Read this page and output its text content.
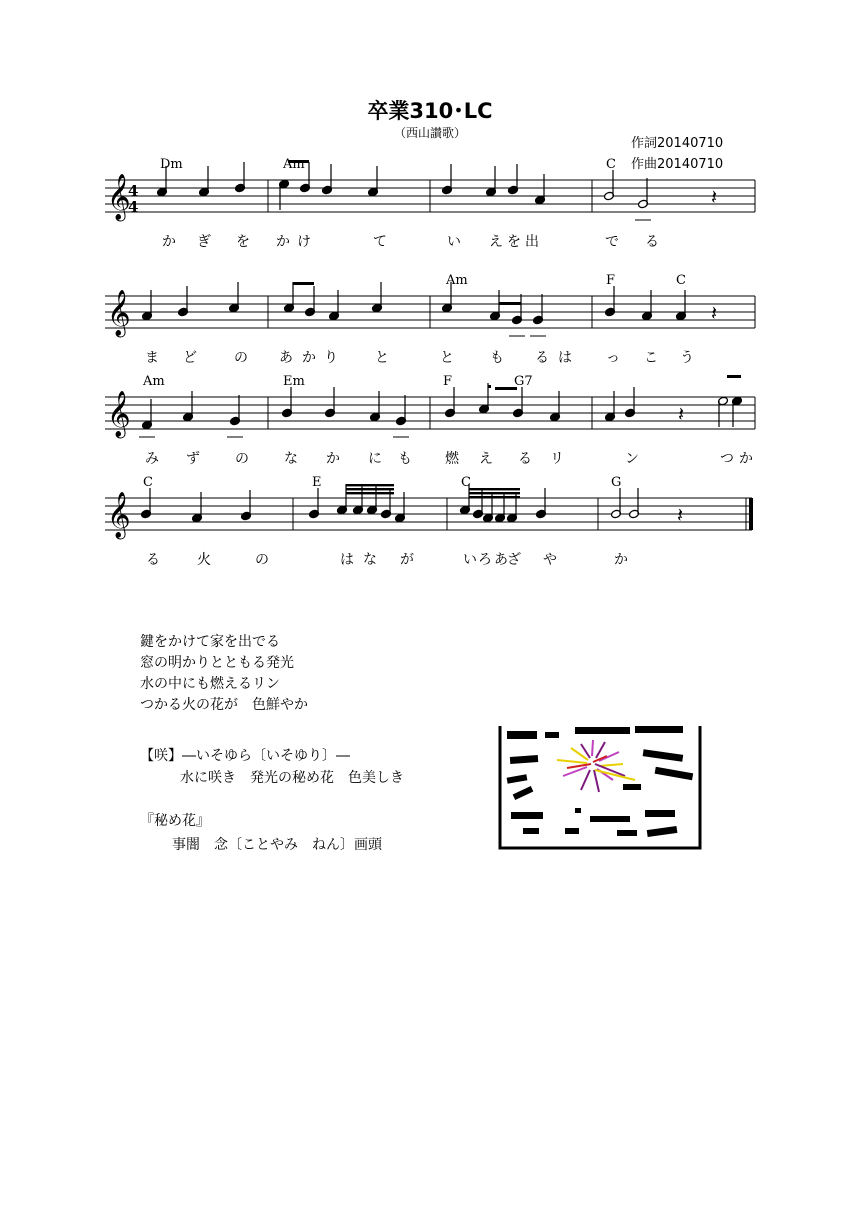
卒業310･LC
（西山讃歌）
作詞20140710
作曲20140710
𝄞
𝄞
𝄞
𝄞
4
4	𝄽
𝄽
𝄽
𝄽
Dm	Am	C
Am	F	C
Am	Em	F	G7
C	E	C	G
か ぎ を か け	て	い え を 出	で る
ま ど	の あ か り	と	と	も る は っ こ う
み ず	の	な か に も 燃 え る リ	ン	つ か
る	火	の	は な が	い ろ あ ざ や	か
鍵をかけて家を出でる
窓の明かりとともる発光
水の中にも燃えるリン
つかる火の花が　色鮮やか
【咲】―いそゆら〔いそゆり〕―
水に咲き　発光の秘め花　色美しき
『秘め花』
事闇　念〔ことやみ　ねん〕画頭
